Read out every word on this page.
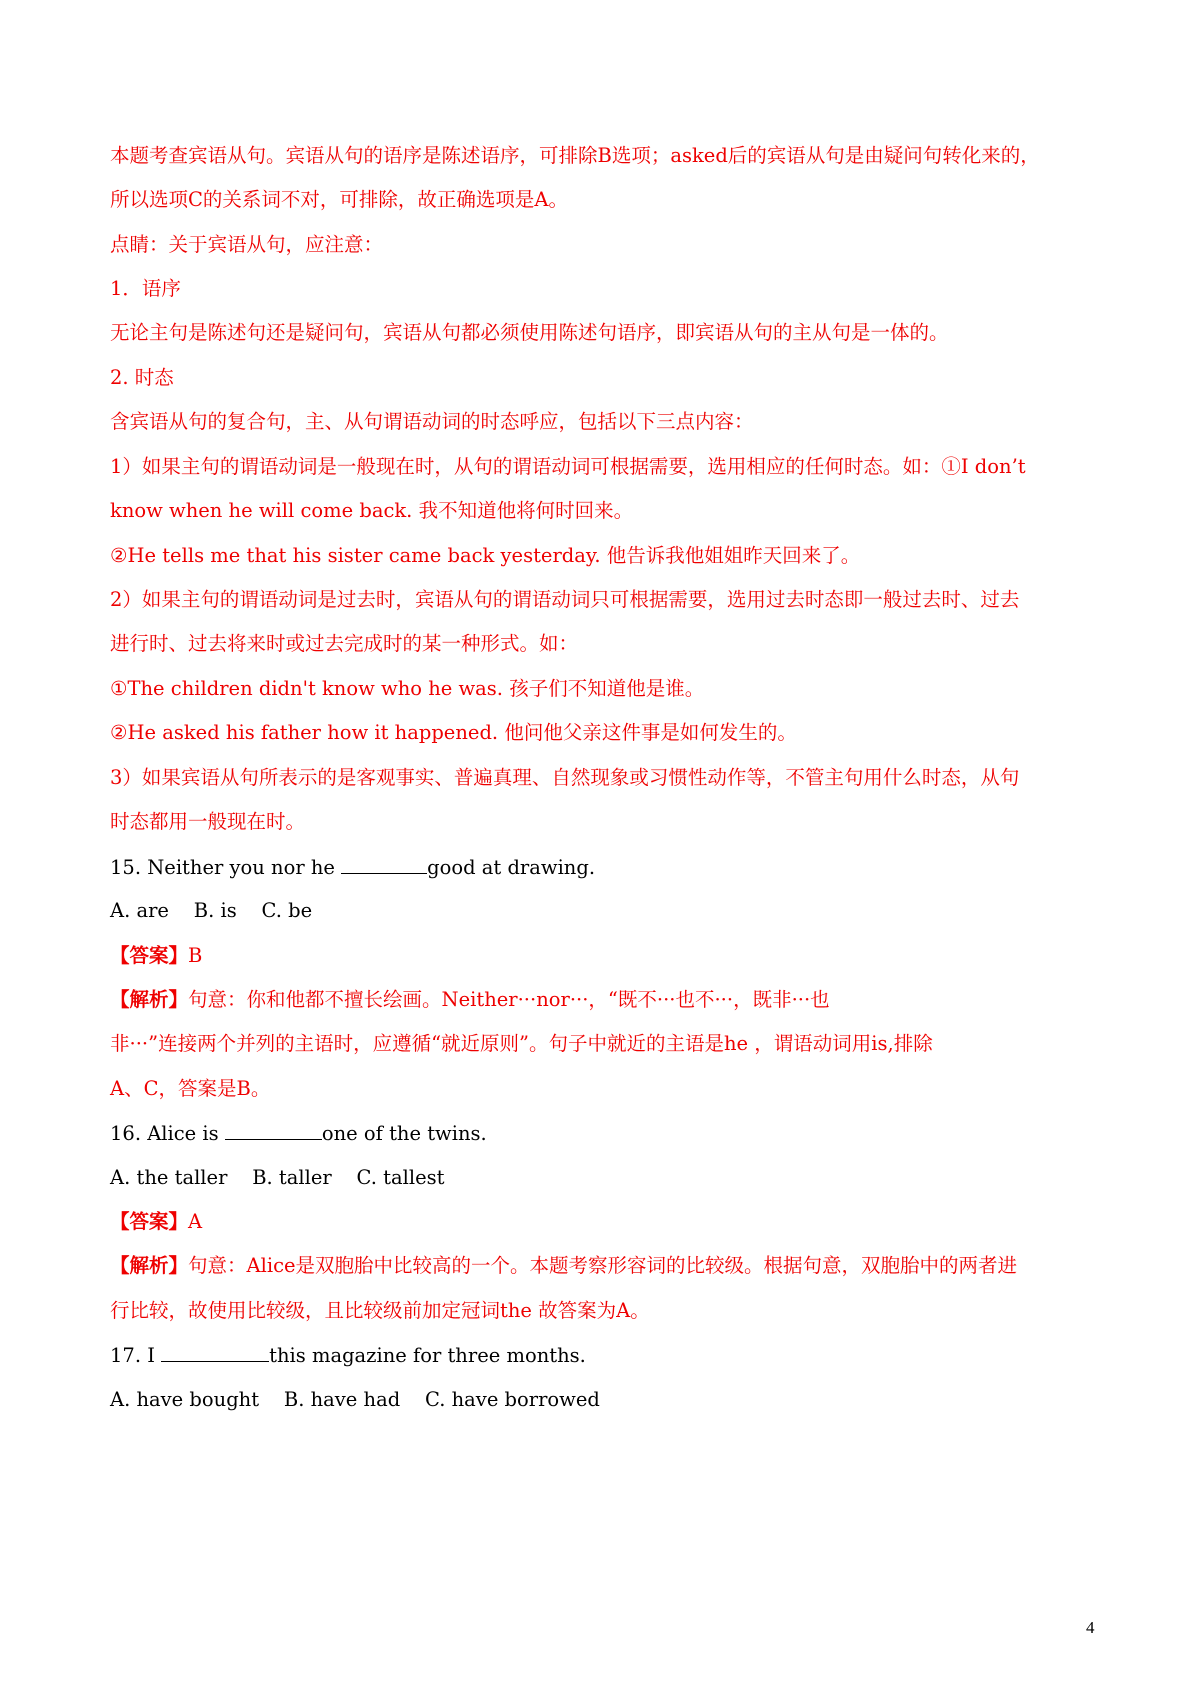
本题考查宾语从句。宾语从句的语序是陈述语序，可排除B选项；asked后的宾语从句是由疑问句转化来的，
所以选项C的关系词不对，可排除，故正确选项是A。
点睛：关于宾语从句，应注意：
1．语序
无论主句是陈述句还是疑问句，宾语从句都必须使用陈述句语序，即宾语从句的主从句是一体的。
2. 时态
含宾语从句的复合句，主、从句谓语动词的时态呼应，包括以下三点内容：
1）如果主句的谓语动词是一般现在时，从句的谓语动词可根据需要，选用相应的任何时态。如：①I don’t
know when he will come back. 我不知道他将何时回来。
②He tells me that his sister came back yesterday. 他告诉我他姐姐昨天回来了。
2）如果主句的谓语动词是过去时，宾语从句的谓语动词只可根据需要，选用过去时态即一般过去时、过去
进行时、过去将来时或过去完成时的某一种形式。如：
①The children didn't know who he was. 孩子们不知道他是谁。
②He asked his father how it happened. 他问他父亲这件事是如何发生的。
3）如果宾语从句所表示的是客观事实、普遍真理、自然现象或习惯性动作等，不管主句用什么时态，从句
时态都用一般现在时。
15. Neither you nor he	good at drawing.
A. are    B. is    C. be
【答案】B
【解析】句意：你和他都不擅长绘画。Neither···nor···，“既不···也不···，既非···也
非···”连接两个并列的主语时，应遵循“就近原则”。句子中就近的主语是he ，谓语动词用is,排除
A、C，答案是B。
16. Alice is	one of the twins.
A. the taller    B. taller    C. tallest
【答案】A
【解析】句意：Alice是双胞胎中比较高的一个。本题考察形容词的比较级。根据句意，双胞胎中的两者进
行比较，故使用比较级，且比较级前加定冠词the 故答案为A。
17. I	this magazine for three months.
A. have bought    B. have had    C. have borrowed
4
